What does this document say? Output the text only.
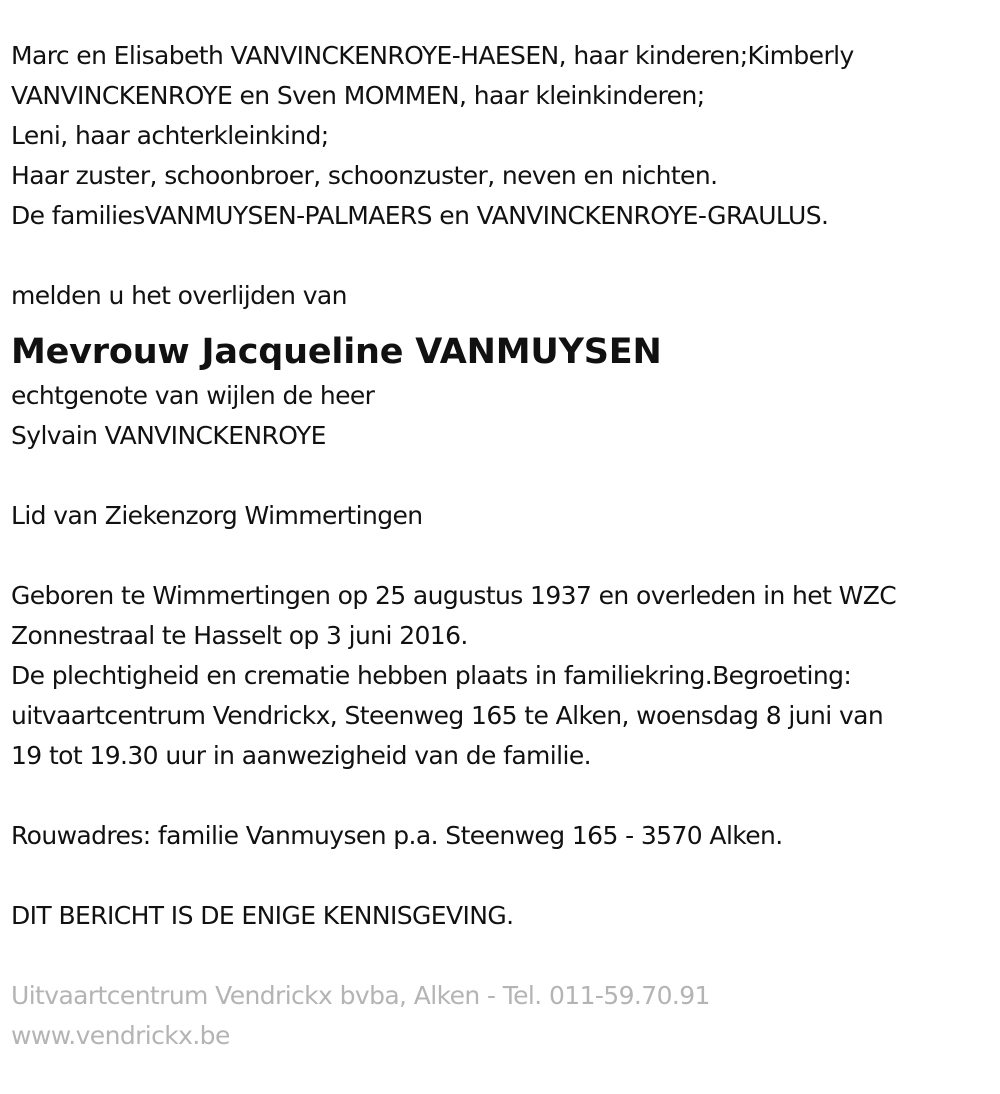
Marc en Elisabeth VANVINCKENROYE-HAESEN, haar kinderen;Kimberly
VANVINCKENROYE en Sven MOMMEN, haar kleinkinderen;
Leni, haar achterkleinkind;
Haar zuster, schoonbroer, schoonzuster, neven en nichten.
De familiesVANMUYSEN-PALMAERS en VANVINCKENROYE-GRAULUS.
melden u het overlijden van
Mevrouw Jacqueline VANMUYSEN
echtgenote van wijlen de heer
Sylvain VANVINCKENROYE
Lid van Ziekenzorg Wimmertingen
Geboren te Wimmertingen op 25 augustus 1937 en overleden in het WZC
Zonnestraal te Hasselt op 3 juni 2016.
De plechtigheid en crematie hebben plaats in familiekring.Begroeting:
uitvaartcentrum Vendrickx, Steenweg 165 te Alken, woensdag 8 juni van
19 tot 19.30 uur in aanwezigheid van de familie.
Rouwadres: familie Vanmuysen p.a. Steenweg 165 - 3570 Alken.
DIT BERICHT IS DE ENIGE KENNISGEVING.
Uitvaartcentrum Vendrickx bvba, Alken - Tel. 011-59.70.91
www.vendrickx.be
